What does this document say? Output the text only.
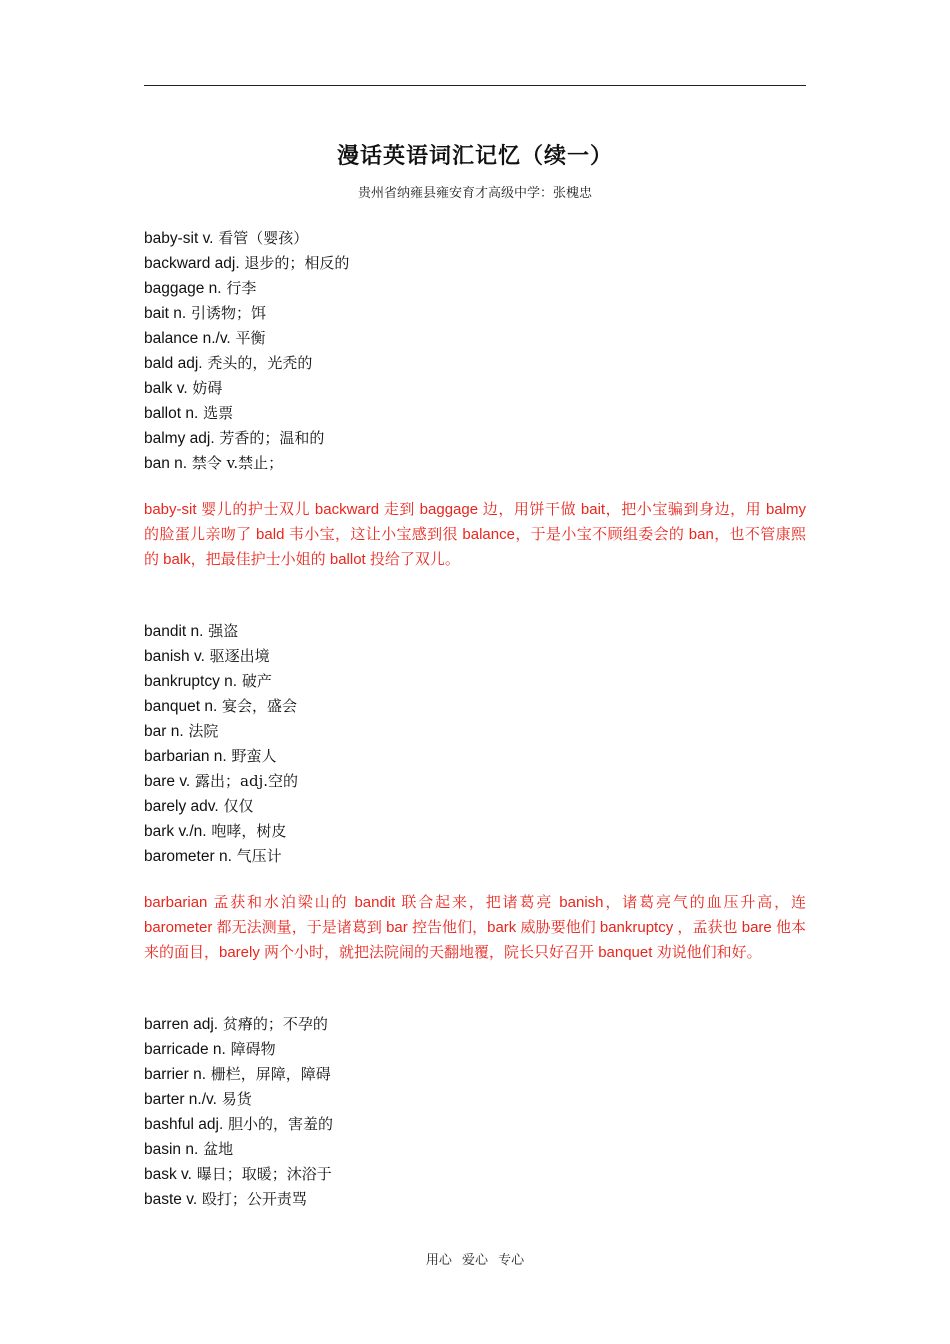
漫话英语词汇记忆（续一）

贵州省纳雍县雍安育才高级中学：张槐忠

baby-sit v. 看管（婴孩）
backward adj. 退步的；相反的
baggage n. 行李
bait n. 引诱物；饵
balance n./v. 平衡
bald adj. 秃头的，光秃的
balk v. 妨碍
ballot n. 选票
balmy adj. 芳香的；温和的
ban n. 禁令 v.禁止；

baby-sit 婴儿的护士双儿 backward 走到 baggage 边，用饼干做 bait，把小宝骗到身边，用 balmy 的脸蛋儿亲吻了 bald 韦小宝，这让小宝感到很 balance，于是小宝不顾组委会的 ban，也不管康熙的 balk，把最佳护士小姐的 ballot 投给了双儿。

bandit n. 强盗
banish v. 驱逐出境
bankruptcy n. 破产
banquet n. 宴会，盛会
bar n. 法院
barbarian n. 野蛮人
bare v. 露出；adj.空的
barely adv. 仅仅
bark v./n. 咆哮，树皮
barometer n. 气压计

barbarian 孟获和水泊梁山的 bandit 联合起来，把诸葛亮 banish，诸葛亮气的血压升高，连 barometer 都无法测量，于是诸葛到 bar 控告他们，bark 威胁要他们 bankruptcy ，孟获也 bare 他本来的面目，barely 两个小时，就把法院闹的天翻地覆，院长只好召开 banquet 劝说他们和好。

barren adj. 贫瘠的；不孕的
barricade n. 障碍物
barrier n. 栅栏，屏障，障碍
barter n./v. 易货
bashful adj. 胆小的，害羞的
basin n. 盆地
bask v. 曝日；取暖；沐浴于
baste v. 殴打；公开责骂
用心 爱心 专心
